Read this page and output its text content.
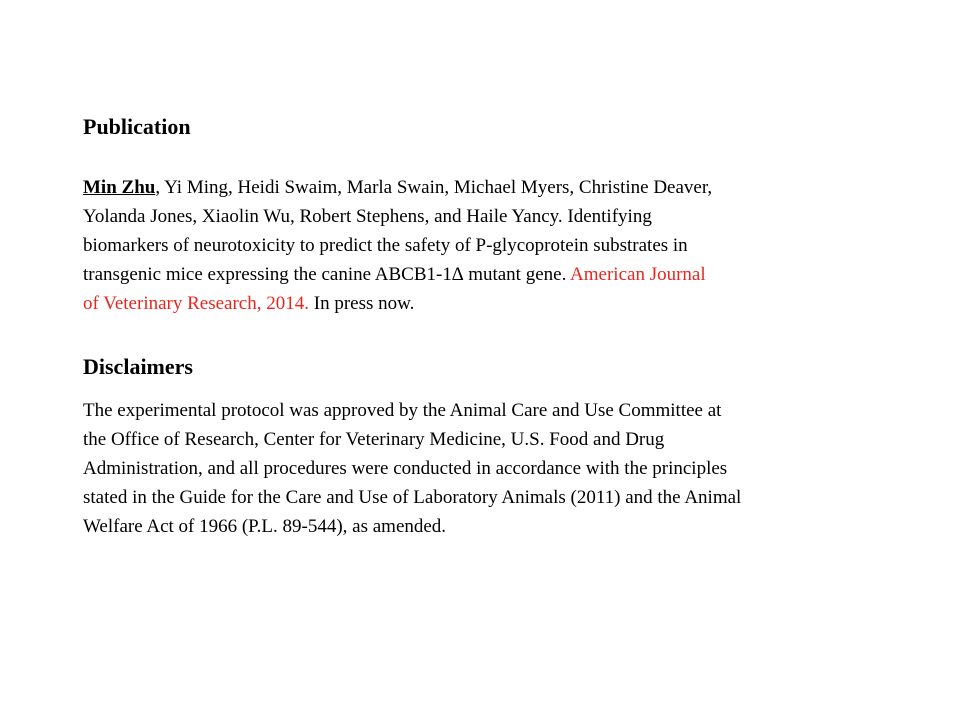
Publication

Min Zhu, Yi Ming, Heidi Swaim, Marla Swain, Michael Myers, Christine Deaver,
Yolanda Jones, Xiaolin Wu, Robert Stephens, and Haile Yancy. Identifying
biomarkers of neurotoxicity to predict the safety of P-glycoprotein substrates in
transgenic mice expressing the canine ABCB1-1∆ mutant gene. American Journal
of Veterinary Research, 2014. In press now.

Disclaimers

The experimental protocol was approved by the Animal Care and Use Committee at
the Office of Research, Center for Veterinary Medicine, U.S. Food and Drug
Administration, and all procedures were conducted in accordance with the principles
stated in the Guide for the Care and Use of Laboratory Animals (2011) and the Animal
Welfare Act of 1966 (P.L. 89-544), as amended.
